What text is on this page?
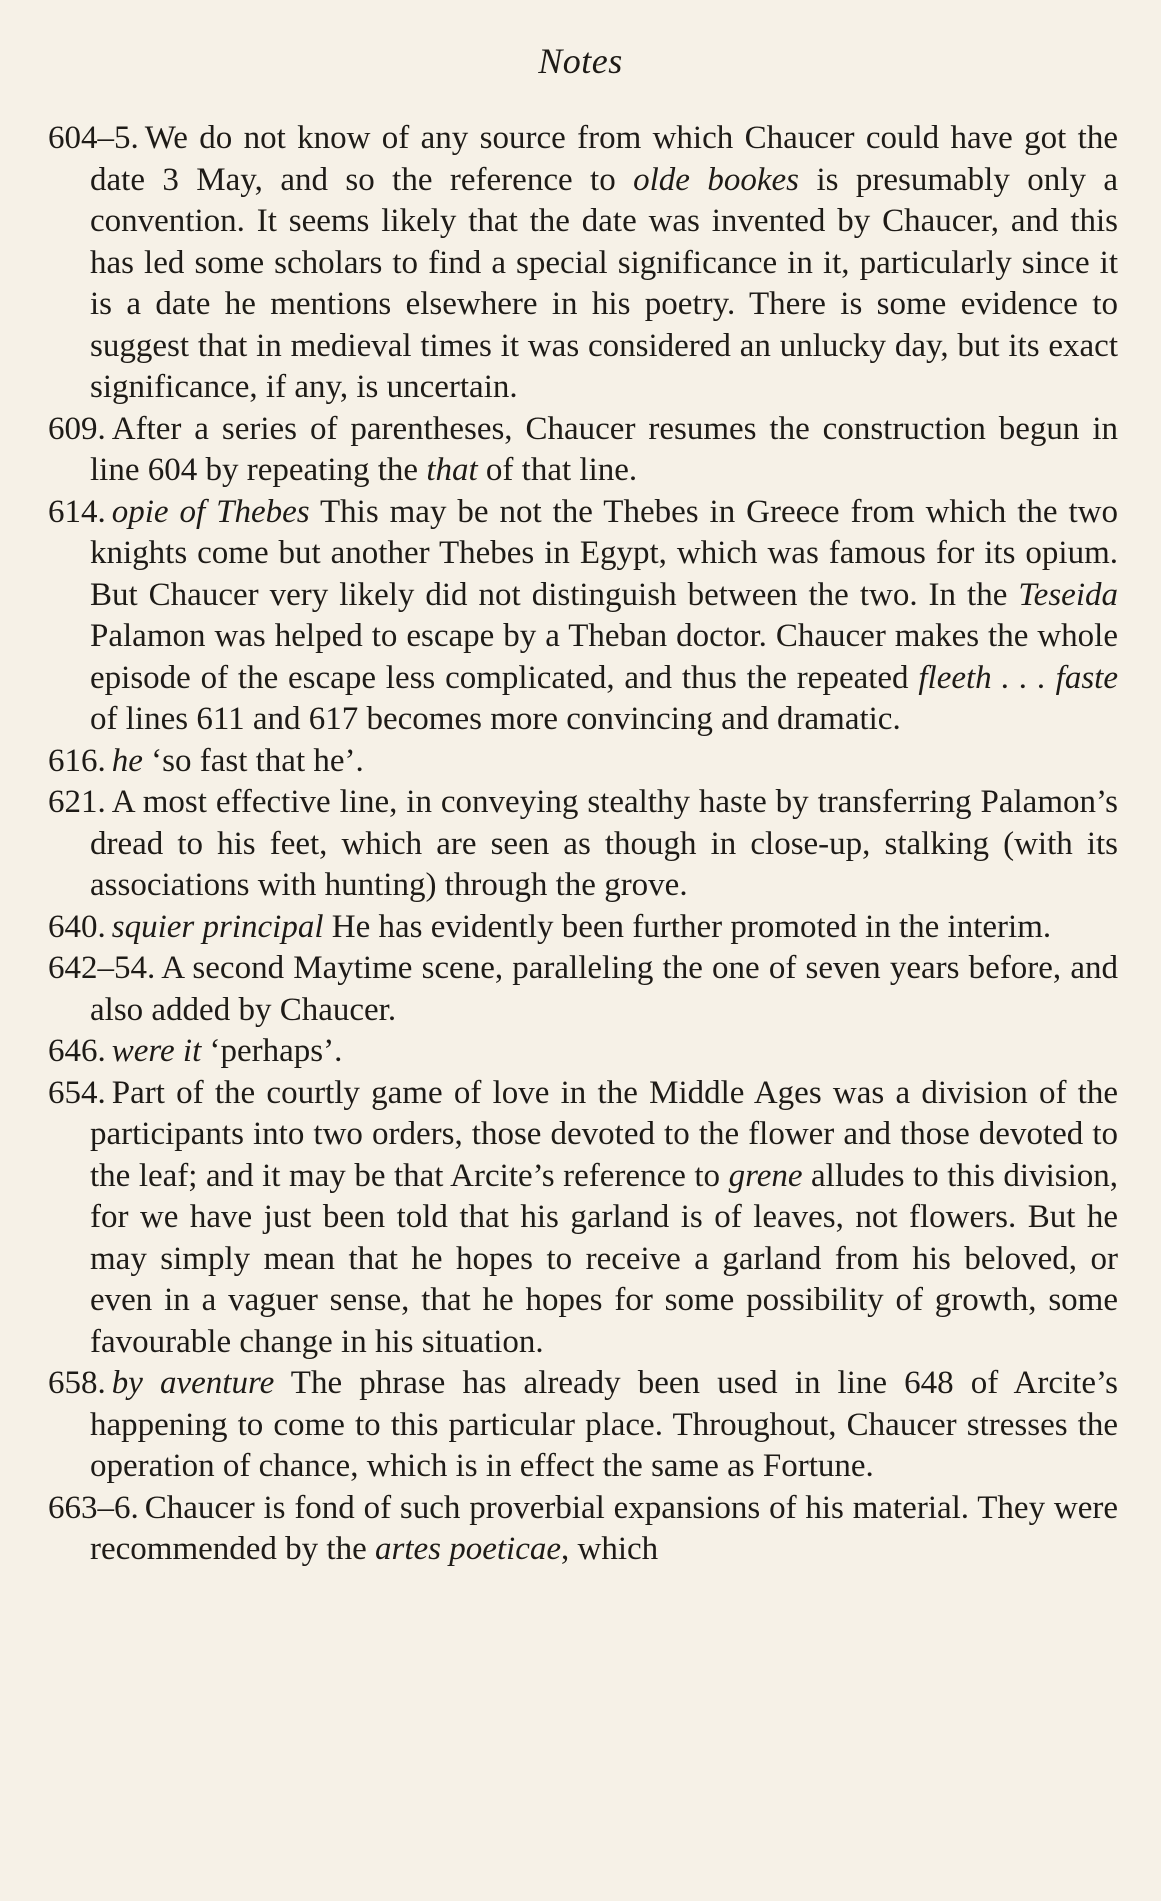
Notes
604–5. We do not know of any source from which Chaucer could have got the date 3 May, and so the reference to olde bookes is presumably only a convention. It seems likely that the date was invented by Chaucer, and this has led some scholars to find a special significance in it, particularly since it is a date he mentions elsewhere in his poetry. There is some evidence to suggest that in medieval times it was considered an unlucky day, but its exact significance, if any, is uncertain.
609. After a series of parentheses, Chaucer resumes the construction begun in line 604 by repeating the that of that line.
614. opie of Thebes This may be not the Thebes in Greece from which the two knights come but another Thebes in Egypt, which was famous for its opium. But Chaucer very likely did not distinguish between the two. In the Teseida Palamon was helped to escape by a Theban doctor. Chaucer makes the whole episode of the escape less complicated, and thus the repeated fleeth . . . faste of lines 611 and 617 becomes more convincing and dramatic.
616. he ‘so fast that he’.
621. A most effective line, in conveying stealthy haste by transferring Palamon’s dread to his feet, which are seen as though in close-up, stalking (with its associations with hunting) through the grove.
640. squier principal He has evidently been further promoted in the interim.
642–54. A second Maytime scene, paralleling the one of seven years before, and also added by Chaucer.
646. were it ‘perhaps’.
654. Part of the courtly game of love in the Middle Ages was a division of the participants into two orders, those devoted to the flower and those devoted to the leaf; and it may be that Arcite’s reference to grene alludes to this division, for we have just been told that his garland is of leaves, not flowers. But he may simply mean that he hopes to receive a garland from his beloved, or even in a vaguer sense, that he hopes for some possibility of growth, some favourable change in his situation.
658. by aventure The phrase has already been used in line 648 of Arcite’s happening to come to this particular place. Throughout, Chaucer stresses the operation of chance, which is in effect the same as Fortune.
663–6. Chaucer is fond of such proverbial expansions of his material. They were recommended by the artes poeticae, which
